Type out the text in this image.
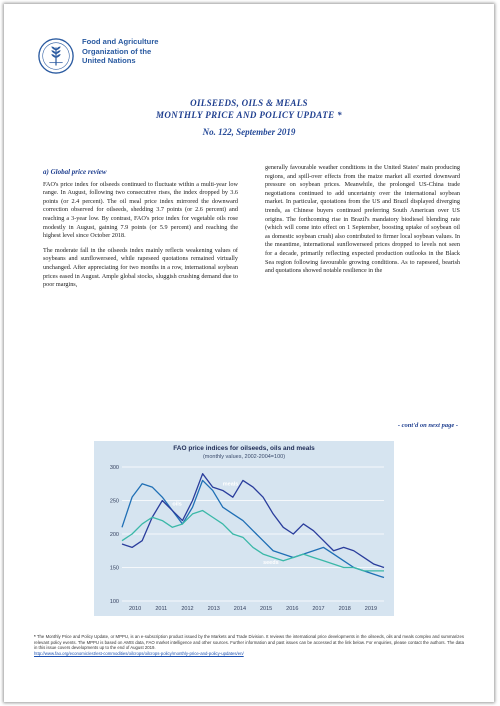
Food and Agriculture
Organization of the
United Nations
OILSEEDS, OILS & MEALS
MONTHLY PRICE AND POLICY UPDATE *
No. 122, September 2019
a) Global price review

FAO's price index for oilseeds continued to fluctuate within a multi-year low range. In August, following two consecutive rises, the index dropped by 3.6 points (or 2.4 percent). The oil meal price index mirrored the downward correction observed for oilseeds, shedding 3.7 points (or 2.6 percent) and reaching a 3-year low. By contrast, FAO's price index for vegetable oils rose modestly in August, gaining 7.9 points (or 5.9 percent) and reaching the highest level since October 2018.

The moderate fall in the oilseeds index mainly reflects weakening values of soybeans and sunflowerseed, while rapeseed quotations remained virtually unchanged. After appreciating for two months in a row, international soybean prices eased in August. Ample global stocks, sluggish crushing demand due to poor margins,

generally favourable weather conditions in the United States' main producing regions, and spill-over effects from the maize market all exerted downward pressure on soybean prices. Meanwhile, the prolonged US-China trade negotiations continued to add uncertainty over the international soybean market. In particular, quotations from the US and Brazil displayed diverging trends, as Chinese buyers continued preferring South American over US origins. The forthcoming rise in Brazil's mandatory biodiesel blending rate (which will come into effect on 1 September, boosting uptake of soybean oil as domestic soybean crush) also contributed to firmer local soybean values. In the meantime, international sunflowerseed prices dropped to levels not seen for a decade, primarily reflecting expected production outlooks in the Black Sea region following favourable growing conditions. As to rapeseed, bearish and quotations showed notable resilience in the

- cont'd on next page -
100
150
200
250
300
2010	2011	2012	2013	2014	2015	2016	2017	2018	2019
oils
meals
seeds
FAO price indices for oilseeds, oils and meals
(monthly values, 2002-2004=100)
* The Monthly Price and Policy Update, or MPPU, is an e-subscription product issued by the Markets and Trade Division. It reviews the international price developments in the oilseeds, oils and meals complex and summarizes relevant policy events. The MPPU is based on AMIS data, FAO market intelligence and other sources. Further information and past issues can be accessed at the link below. For enquiries, please contact the authors. The data in this issue covers developments up to the end of August 2019.
http://www.fao.org/economic/est/est-commodities/oilcrops/oilcrops-policy/monthly-price-and-policy-updates/en/
